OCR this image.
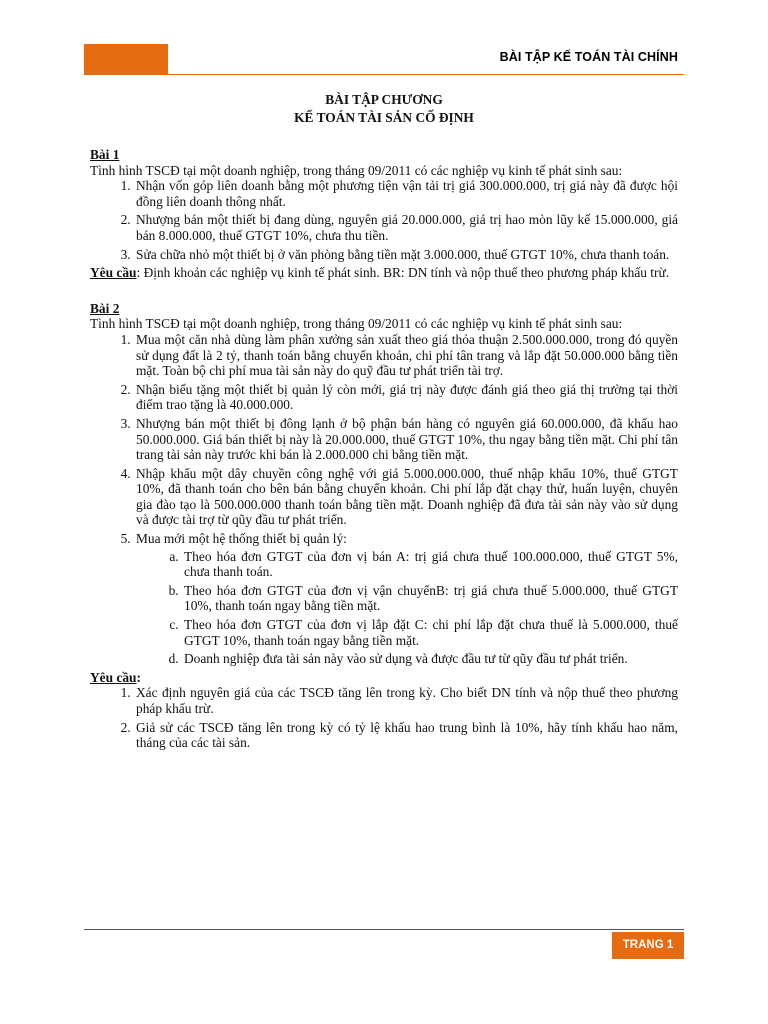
BÀI TẬP KẾ TOÁN TÀI CHÍNH
BÀI TẬP CHƯƠNG
KẾ TOÁN TÀI SẢN CỐ ĐỊNH
Bài 1

Tình hình TSCĐ tại một doanh nghiệp, trong tháng 09/2011 có các nghiệp vụ kinh tế phát sinh sau:

1. Nhận vốn góp liên doanh bằng một phương tiện vận tải trị giá 300.000.000, trị giá này đã được hội đồng liên doanh thông nhất.
2. Nhượng bán một thiết bị đang dùng, nguyên giá 20.000.000, giá trị hao mòn lũy kế 15.000.000, giá bán 8.000.000, thuế GTGT 10%, chưa thu tiền.
3. Sửa chữa nhỏ một thiết bị ở văn phòng bằng tiền mặt 3.000.000, thuế GTGT 10%, chưa thanh toán.

Yêu cầu: Định khoản các nghiệp vụ kinh tế phát sinh. BR: DN tính và nộp thuế theo phương pháp khấu trừ.

Bài 2

Tình hình TSCĐ tại một doanh nghiệp, trong tháng 09/2011 có các nghiệp vụ kinh tế phát sinh sau:

1. Mua một căn nhà dùng làm phân xưởng sản xuất theo giá thỏa thuận 2.500.000.000, trong đó quyền sử dụng đất là 2 tỷ, thanh toán bằng chuyển khoản, chi phí tân trang và lắp đặt 50.000.000 bằng tiền mặt. Toàn bộ chi phí mua tài sản này do quỹ đầu tư phát triển tài trợ.
2. Nhận biếu tặng một thiết bị quản lý còn mới, giá trị này được đánh giá theo giá thị trường tại thời điểm trao tặng là 40.000.000.
3. Nhượng bán một thiết bị đông lạnh ở bộ phận bán hàng có nguyên giá 60.000.000, đã khấu hao 50.000.000. Giá bán thiết bị này là 20.000.000, thuế GTGT 10%, thu ngay bằng tiền mặt. Chi phí tân trang tài sản này trước khi bán là 2.000.000 chi bằng tiền mặt.
4. Nhập khẩu một dây chuyền công nghệ với giá 5.000.000.000, thuế nhập khẩu 10%, thuế GTGT 10%, đã thanh toán cho bên bán bằng chuyển khoản. Chi phí lắp đặt chạy thử, huấn luyện, chuyên gia đào tạo là 500.000.000 thanh toán bằng tiền mặt. Doanh nghiệp đã đưa tài sản này vào sử dụng và được tài trợ từ qũy đầu tư phát triển.
5. Mua mới một hệ thống thiết bị quản lý:
a. Theo hóa đơn GTGT của đơn vị bán A: trị giá chưa thuế 100.000.000, thuế GTGT 5%, chưa thanh toán.
b. Theo hóa đơn GTGT của đơn vị vận chuyểnB: trị giá chưa thuế 5.000.000, thuế GTGT 10%, thanh toán ngay bằng tiền mặt.
c. Theo hóa đơn GTGT của đơn vị lắp đặt C: chi phí lắp đặt chưa thuế là 5.000.000, thuế GTGT 10%, thanh toán ngay bằng tiền mặt.
d. Doanh nghiệp đưa tài sản này vào sử dụng và được đầu tư từ qũy đầu tư phát triển.
Yêu cầu:
1. Xác định nguyên giá của các TSCĐ tăng lên trong kỳ. Cho biết DN tính và nộp thuế theo phương pháp khấu trừ.
2. Giả sử các TSCĐ tăng lên trong kỳ có tỷ lệ khấu hao trung bình là 10%, hãy tính khấu hao năm, tháng của các tài sản.
TRANG 1
